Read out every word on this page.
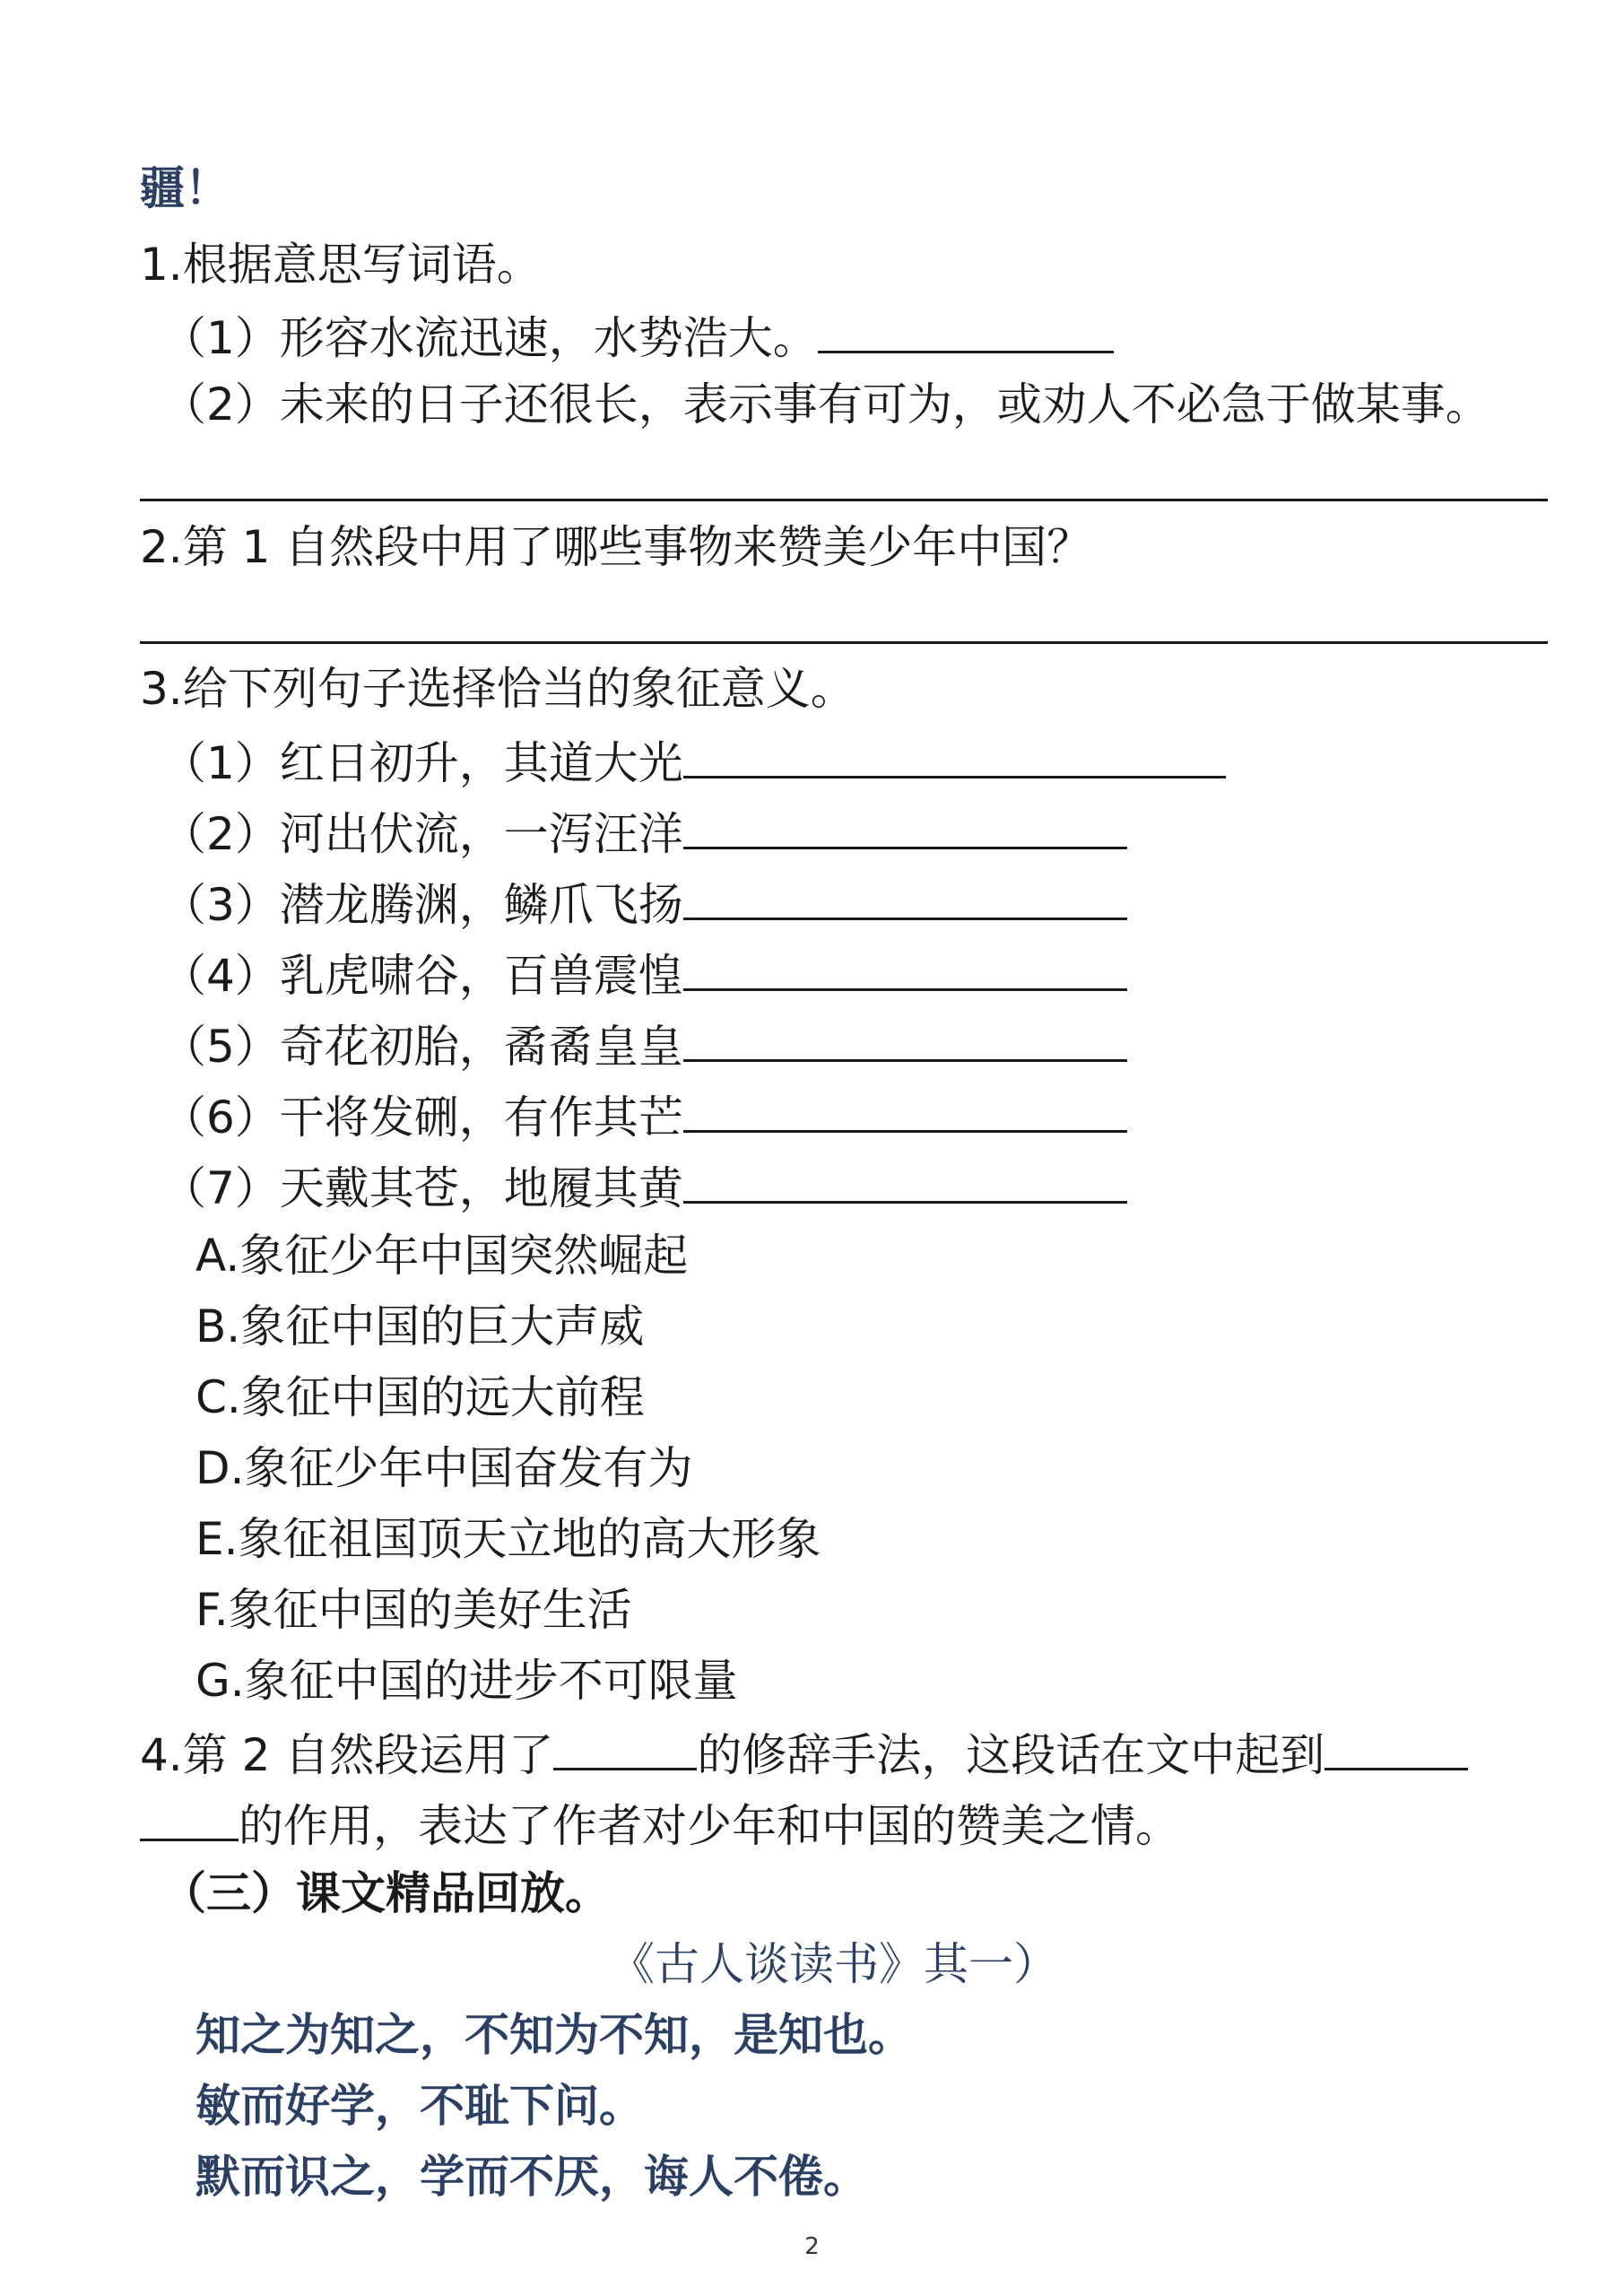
疆！
1.根据意思写词语。
（1）形容水流迅速，水势浩大。
（2）未来的日子还很长，表示事有可为，或劝人不必急于做某事。
2.第 1 自然段中用了哪些事物来赞美少年中国？
3.给下列句子选择恰当的象征意义。
（1）红日初升，其道大光
（2）河出伏流，一泻汪洋
（3）潜龙腾渊，鳞爪飞扬
（4）乳虎啸谷，百兽震惶
（5）奇花初胎，矞矞皇皇
（6）干将发硎，有作其芒
（7）天戴其苍，地履其黄
A.象征少年中国突然崛起
B.象征中国的巨大声威
C.象征中国的远大前程
D.象征少年中国奋发有为
E.象征祖国顶天立地的高大形象
F.象征中国的美好生活
G.象征中国的进步不可限量
4.第 2 自然段运用了	的修辞手法，这段话在文中起到
的作用，表达了作者对少年和中国的赞美之情。
（三）课文精品回放。
《古人谈读书》其一）
知之为知之，不知为不知，是知也。
敏而好学，不耻下问。
默而识之，学而不厌，诲人不倦。
2
